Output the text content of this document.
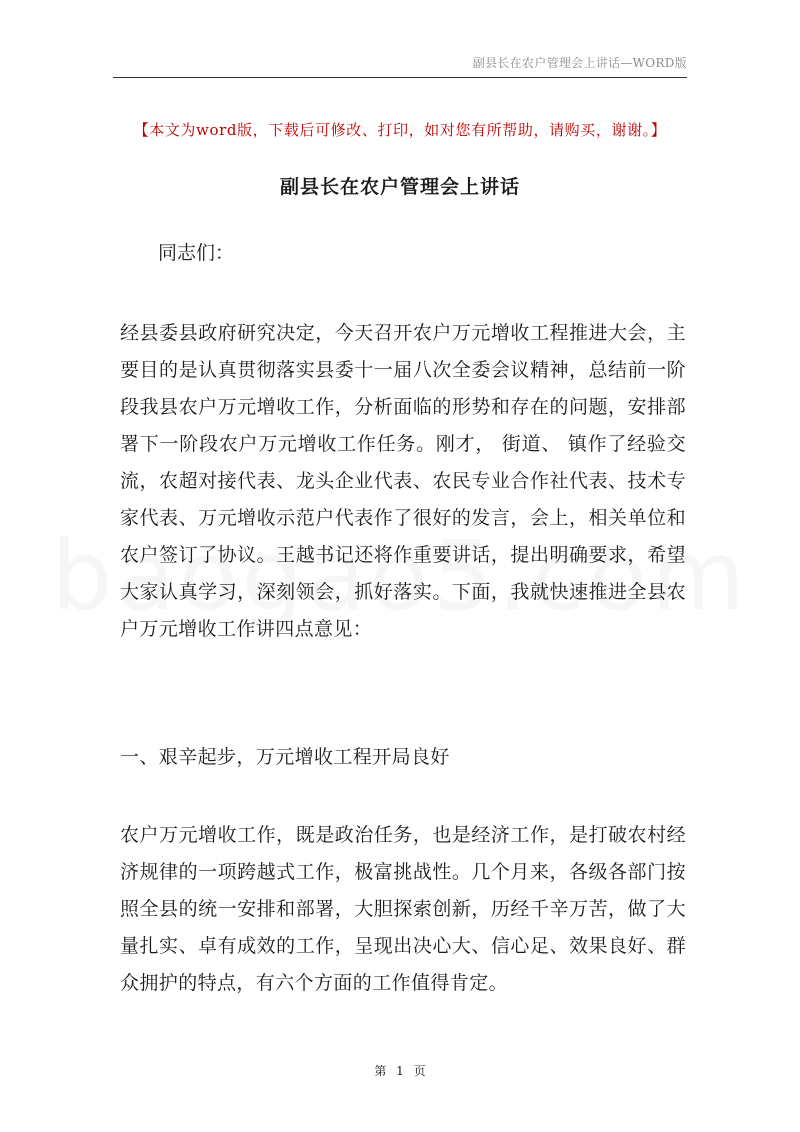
副县长在农户管理会上讲话—WORD版
【本文为word版，下载后可修改、打印，如对您有所帮助，请购买，谢谢。】
副县长在农户管理会上讲话
同志们：

经县委县政府研究决定，今天召开农户万元增收工程推进大会，主要目的是认真贯彻落实县委十一届八次全委会议精神，总结前一阶段我县农户万元增收工作，分析面临的形势和存在的问题，安排部署下一阶段农户万元增收工作任务。刚才， 街道、 镇作了经验交流，农超对接代表、龙头企业代表、农民专业合作社代表、技术专家代表、万元增收示范户代表作了很好的发言，会上，相关单位和农户签订了协议。王越书记还将作重要讲话，提出明确要求，希望大家认真学习，深刻领会，抓好落实。下面，我就快速推进全县农户万元增收工作讲四点意见：

一、艰辛起步，万元增收工程开局良好

农户万元增收工作，既是政治任务，也是经济工作，是打破农村经济规律的一项跨越式工作，极富挑战性。几个月来，各级各部门按照全县的统一安排和部署，大胆探索创新，历经千辛万苦，做了大量扎实、卓有成效的工作，呈现出决心大、信心足、效果良好、群众拥护的特点，有六个方面的工作值得肯定。

第 1 页
